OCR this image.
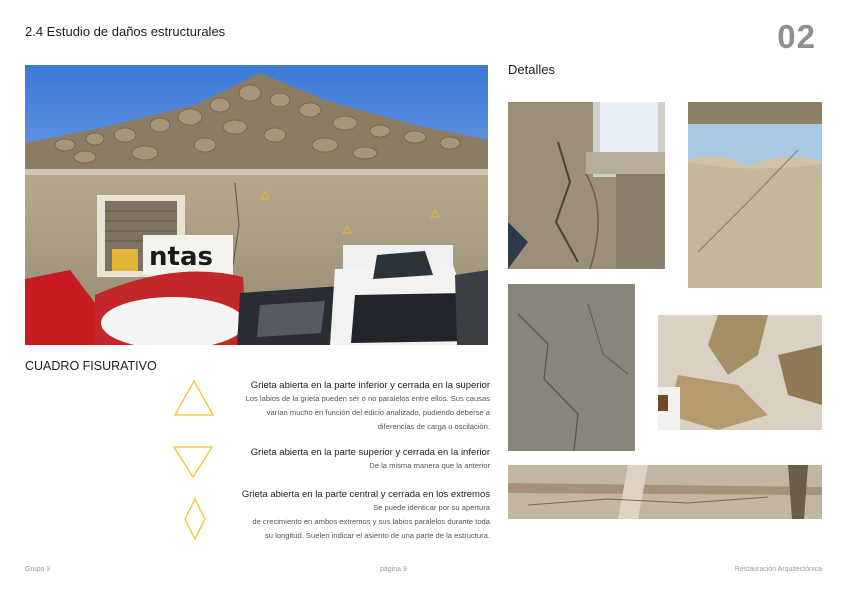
2.4 Estudio de daños estructurales	02
ntas
Detalles
CUADRO FISURATIVO
Grieta abierta en la parte inferior y cerrada en la superior
Los labios de la grieta pueden ser o no paralelos entre ellos. Sus causas
varían mucho en función del edicio analizado, pudiendo deberse a
diferencias de carga u oscilación.
Grieta abierta en la parte superior y cerrada en la inferior
De la misma manera que la anterior
Grieta abierta en la parte central y cerrada en los extremos
Se puede identicar por su apertura
de crecimiento en ambos extremos y sus labios paralelos durante toda
su longitud. Suelen indicar el asiento de una parte de la estructura.
Grupo 3	página 9	Restauración Arquitectónica
